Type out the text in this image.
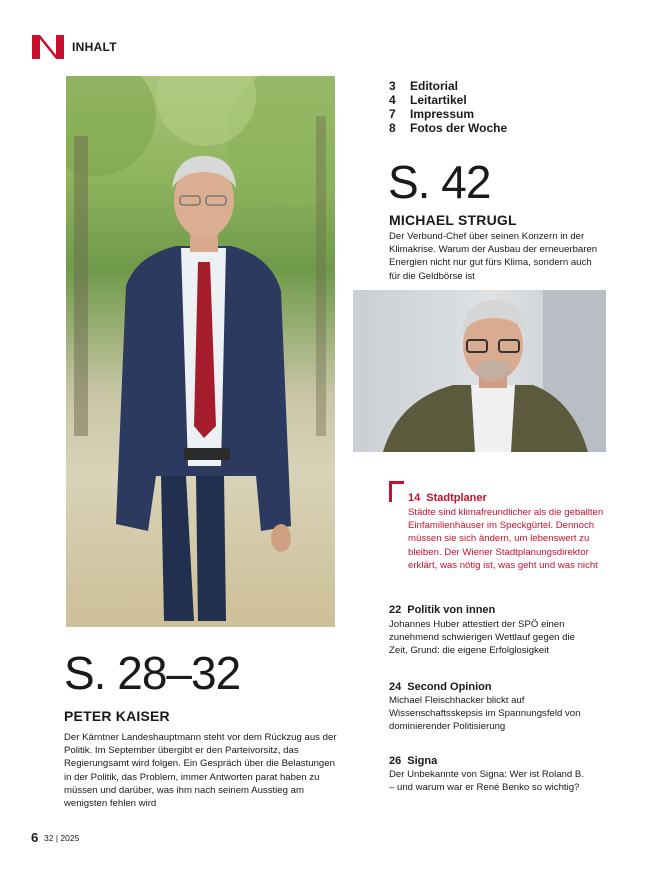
INHALT
3	Editorial
4	Leitartikel
7	Impressum
8	Fotos der Woche
S. 42
MICHAEL STRUGL
Der Verbund-Chef über seinen Konzern in der Klimakrise. Warum der Ausbau der erneuerbaren Energien nicht nur gut fürs Klima, sondern auch für die Geldbörse ist
14 Stadtplaner
Städte sind klimafreundlicher als die geballten Einfamilienhäuser im Speckgürtel. Dennoch müssen sie sich ändern, um lebenswert zu bleiben. Der Wiener Stadtplanungsdirektor erklärt, was nötig ist, was geht und was nicht
22 Politik von innen
Johannes Huber attestiert der SPÖ einen zunehmend schwierigen Wettlauf gegen die Zeit, Grund: die eigene Erfolglosigkeit
24 Second Opinion
Michael Fleischhacker blickt auf Wissenschaftsskepsis im Spannungsfeld von dominierender Politisierung
26 Signa
Der Unbekannte von Signa: Wer ist Roland B. – und warum war er René Benko so wichtig?
S. 28–32
PETER KAISER
Der Kärntner Landeshauptmann steht vor dem Rückzug aus der Politik. Im September übergibt er den Parteivorsitz, das Regierungsamt wird folgen. Ein Gespräch über die Belastungen in der Politik, das Problem, immer Antworten parat haben zu müssen und darüber, was ihm nach seinem Ausstieg am wenigsten fehlen wird
6 32 | 2025
